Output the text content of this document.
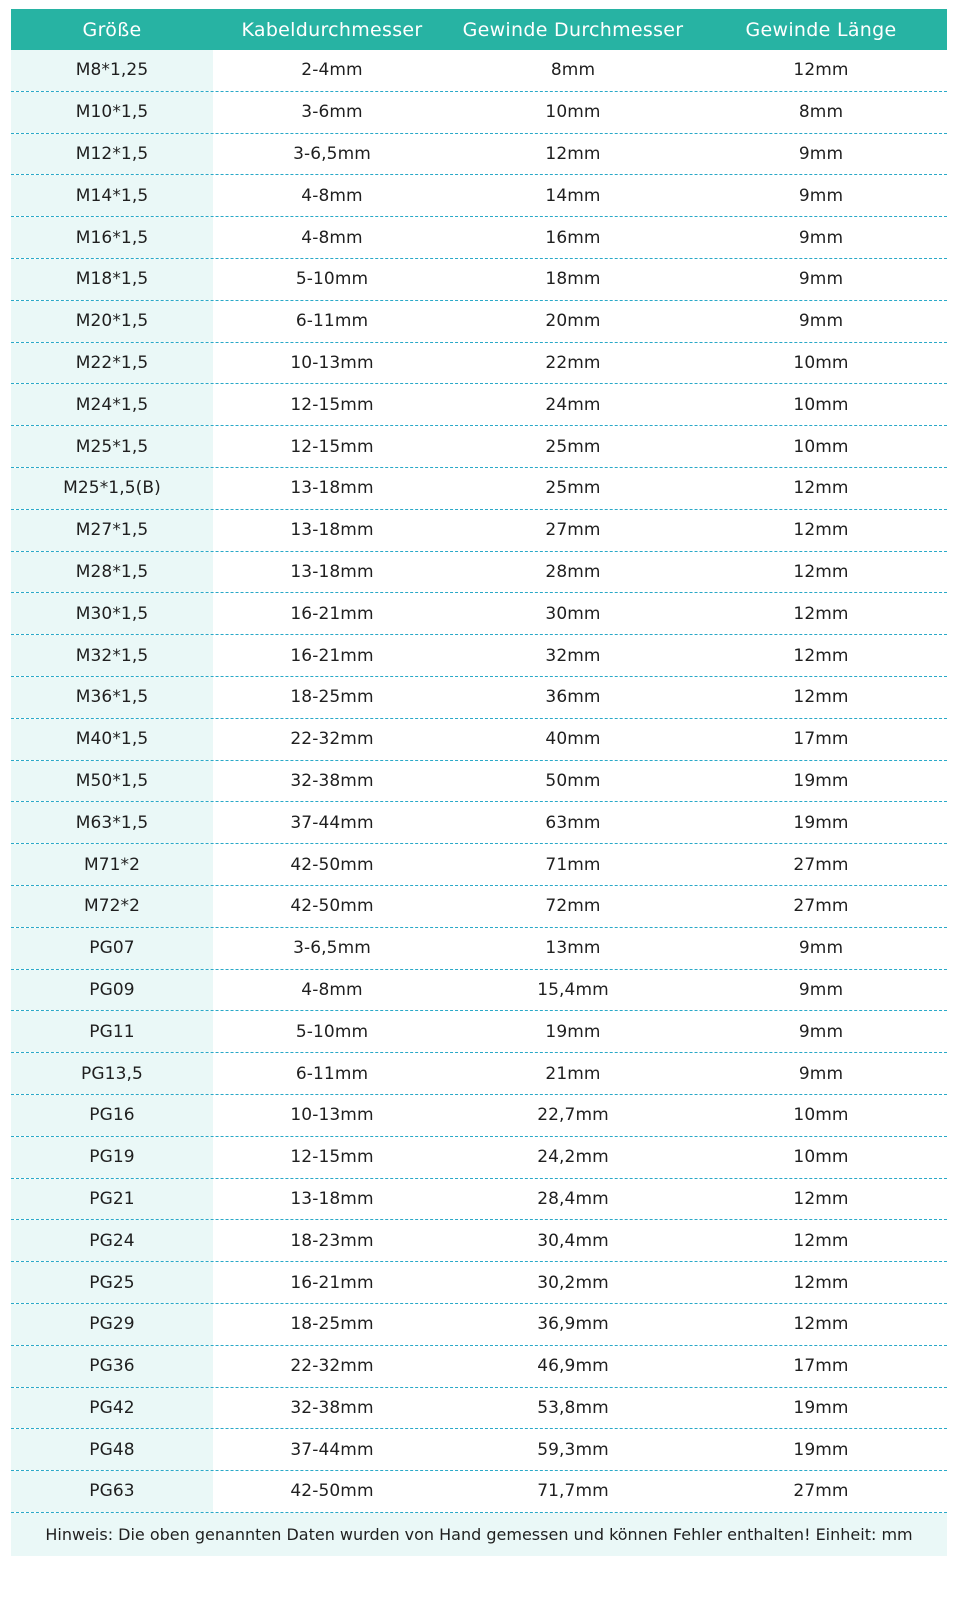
Größe	Kabeldurchmesser	Gewinde Durchmesser	Gewinde Länge
M8*1,25	2-4mm	8mm	12mm
M10*1,5	3-6mm	10mm	8mm
M12*1,5	3-6,5mm	12mm	9mm
M14*1,5	4-8mm	14mm	9mm
M16*1,5	4-8mm	16mm	9mm
M18*1,5	5-10mm	18mm	9mm
M20*1,5	6-11mm	20mm	9mm
M22*1,5	10-13mm	22mm	10mm
M24*1,5	12-15mm	24mm	10mm
M25*1,5	12-15mm	25mm	10mm
M25*1,5(B)	13-18mm	25mm	12mm
M27*1,5	13-18mm	27mm	12mm
M28*1,5	13-18mm	28mm	12mm
M30*1,5	16-21mm	30mm	12mm
M32*1,5	16-21mm	32mm	12mm
M36*1,5	18-25mm	36mm	12mm
M40*1,5	22-32mm	40mm	17mm
M50*1,5	32-38mm	50mm	19mm
M63*1,5	37-44mm	63mm	19mm
M71*2	42-50mm	71mm	27mm
M72*2	42-50mm	72mm	27mm
PG07	3-6,5mm	13mm	9mm
PG09	4-8mm	15,4mm	9mm
PG11	5-10mm	19mm	9mm
PG13,5	6-11mm	21mm	9mm
PG16	10-13mm	22,7mm	10mm
PG19	12-15mm	24,2mm	10mm
PG21	13-18mm	28,4mm	12mm
PG24	18-23mm	30,4mm	12mm
PG25	16-21mm	30,2mm	12mm
PG29	18-25mm	36,9mm	12mm
PG36	22-32mm	46,9mm	17mm
PG42	32-38mm	53,8mm	19mm
PG48	37-44mm	59,3mm	19mm
PG63	42-50mm	71,7mm	27mm
Hinweis: Die oben genannten Daten wurden von Hand gemessen und können Fehler enthalten! Einheit: mm
